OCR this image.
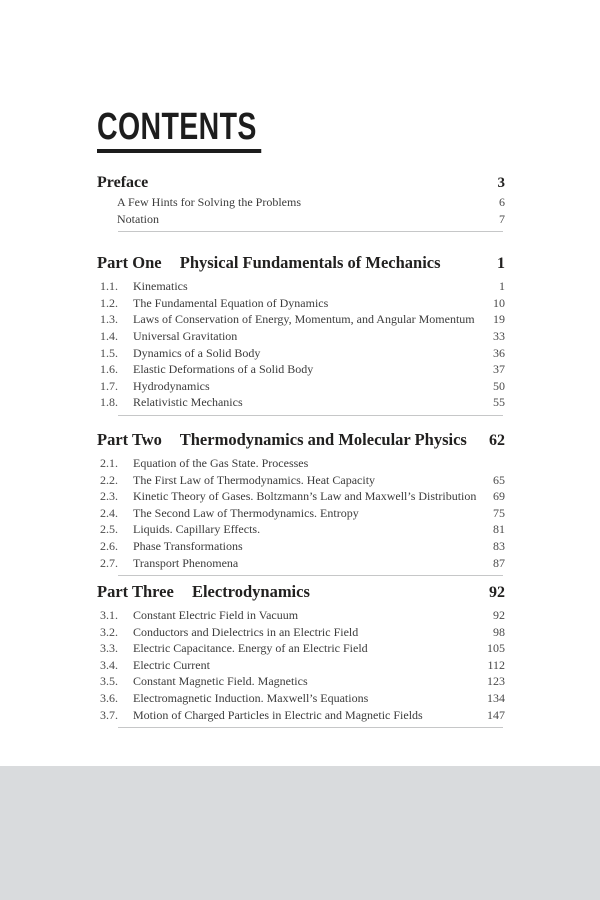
CONTENTS
Preface	3
A Few Hints for Solving the Problems	6
Notation	7
Part One Physical Fundamentals of Mechanics	1
1.1.	Kinematics	1
1.2.	The Fundamental Equation of Dynamics	10
1.3.	Laws of Conservation of Energy, Momentum, and Angular Momentum	19
1.4.	Universal Gravitation	33
1.5.	Dynamics of a Solid Body	36
1.6.	Elastic Deformations of a Solid Body	37
1.7.	Hydrodynamics	50
1.8.	Relativistic Mechanics	55
Part Two Thermodynamics and Molecular Physics 62
2.1.	Equation of the Gas State. Processes
2.2.	The First Law of Thermodynamics. Heat Capacity	65
2.3.	Kinetic Theory of Gases. Boltzmann’s Law and Maxwell’s Distribution	69
2.4.	The Second Law of Thermodynamics. Entropy	75
2.5.	Liquids. Capillary Effects.	81
2.6.	Phase Transformations	83
2.7.	Transport Phenomena	87
Part Three Electrodynamics	92
3.1.	Constant Electric Field in Vacuum	92
3.2.	Conductors and Dielectrics in an Electric Field	98
3.3.	Electric Capacitance. Energy of an Electric Field	105
3.4.	Electric Current	112
3.5.	Constant Magnetic Field. Magnetics	123
3.6.	Electromagnetic Induction. Maxwell’s Equations	134
3.7.	Motion of Charged Particles in Electric and Magnetic Fields	147
